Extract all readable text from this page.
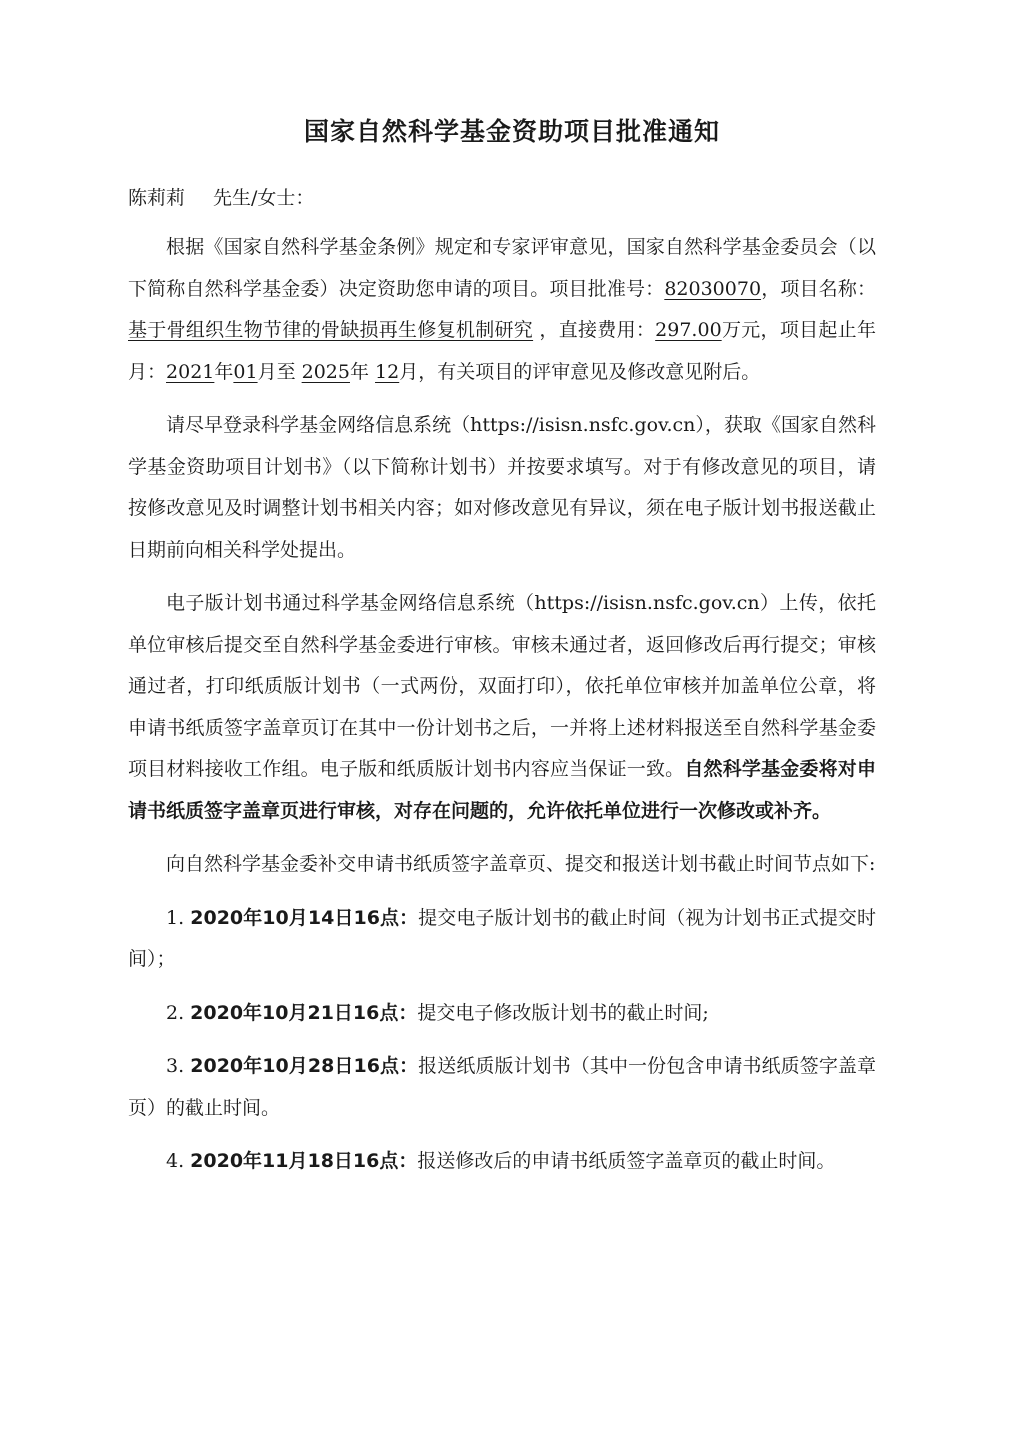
国家自然科学基金资助项目批准通知
陈莉莉 先生/女士：

根据《国家自然科学基金条例》规定和专家评审意见，国家自然科学基金委员会（以下简称自然科学基金委）决定资助您申请的项目。项目批准号：82030070，项目名称：基于骨组织生物节律的骨缺损再生修复机制研究 ，直接费用：297.00万元，项目起止年月：2021年01月至 2025年 12月，有关项目的评审意见及修改意见附后。

请尽早登录科学基金网络信息系统（https://isisn.nsfc.gov.cn），获取《国家自然科学基金资助项目计划书》（以下简称计划书）并按要求填写。对于有修改意见的项目，请按修改意见及时调整计划书相关内容；如对修改意见有异议，须在电子版计划书报送截止日期前向相关科学处提出。

电子版计划书通过科学基金网络信息系统（https://isisn.nsfc.gov.cn）上传，依托单位审核后提交至自然科学基金委进行审核。审核未通过者，返回修改后再行提交；审核通过者，打印纸质版计划书（一式两份，双面打印），依托单位审核并加盖单位公章，将申请书纸质签字盖章页订在其中一份计划书之后，一并将上述材料报送至自然科学基金委项目材料接收工作组。电子版和纸质版计划书内容应当保证一致。自然科学基金委将对申请书纸质签字盖章页进行审核，对存在问题的，允许依托单位进行一次修改或补齐。

向自然科学基金委补交申请书纸质签字盖章页、提交和报送计划书截止时间节点如下:

1. 2020年10月14日16点：提交电子版计划书的截止时间（视为计划书正式提交时间）；

2. 2020年10月21日16点：提交电子修改版计划书的截止时间;

3. 2020年10月28日16点：报送纸质版计划书（其中一份包含申请书纸质签字盖章页）的截止时间。

4. 2020年11月18日16点：报送修改后的申请书纸质签字盖章页的截止时间。
